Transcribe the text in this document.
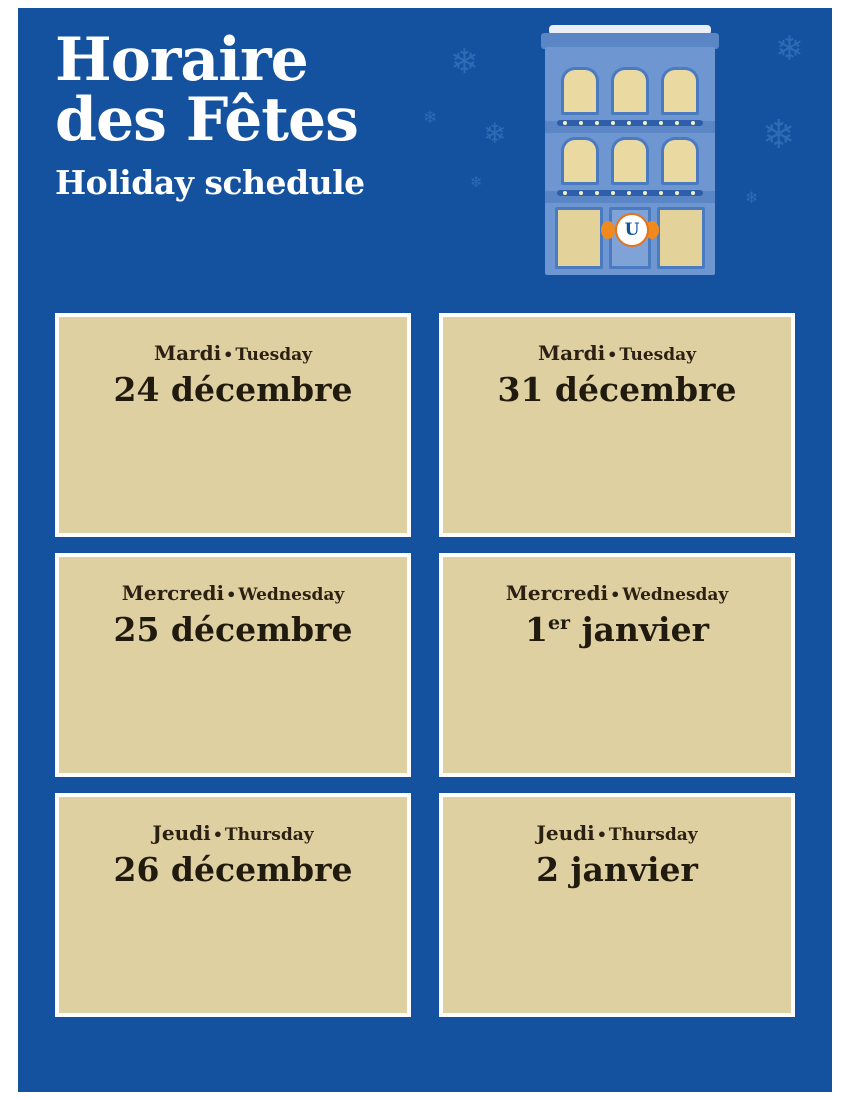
❄
❄ ❄
❄
❄
❄
❄
Horaire
des Fêtes
Holiday schedule
U
Mardi • Tuesday
24 décembre
Mardi • Tuesday
31 décembre
Mercredi • Wednesday
25 décembre
Mercredi • Wednesday
1er janvier
Jeudi • Thursday
26 décembre
Jeudi • Thursday
2 janvier
